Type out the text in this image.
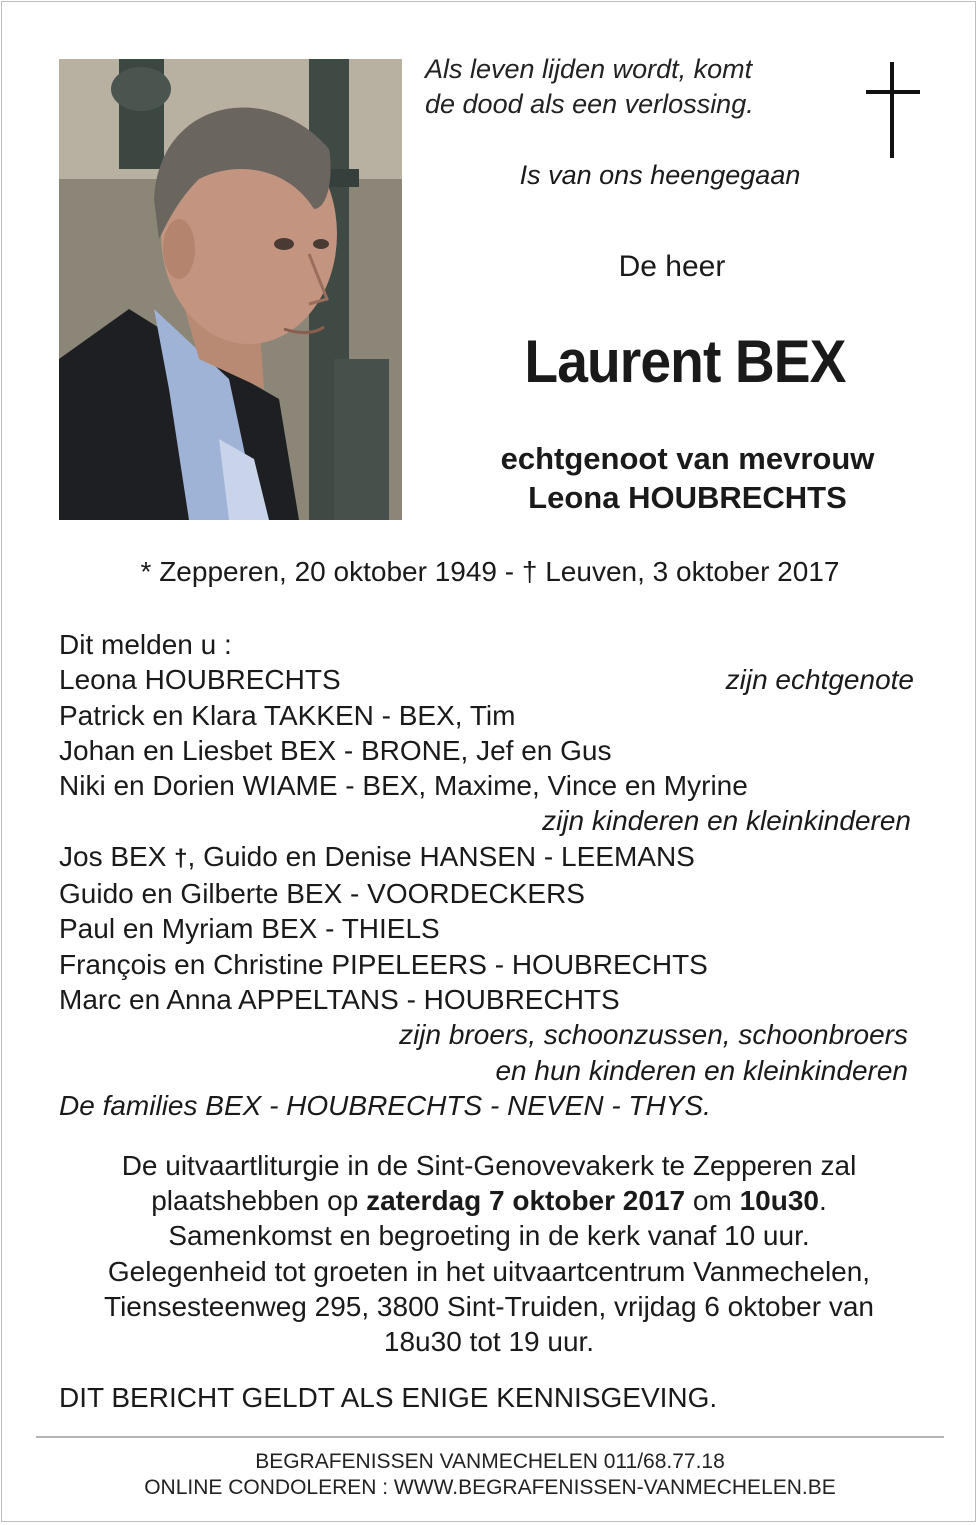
Als leven lijden wordt, komt
de dood als een verlossing.
Is van ons heengegaan
De heer
Laurent BEX
echtgenoot van mevrouw
Leona HOUBRECHTS
* Zepperen, 20 oktober 1949 - † Leuven, 3 oktober 2017
Dit melden u :
Leona HOUBRECHTS	zijn echtgenote
Patrick en Klara TAKKEN - BEX, Tim
Johan en Liesbet BEX - BRONE, Jef en Gus
Niki en Dorien WIAME - BEX, Maxime, Vince en Myrine
zijn kinderen en kleinkinderen
Jos BEX †, Guido en Denise HANSEN - LEEMANS
Guido en Gilberte BEX - VOORDECKERS
Paul en Myriam BEX - THIELS
François en Christine PIPELEERS - HOUBRECHTS
Marc en Anna APPELTANS - HOUBRECHTS
zijn broers, schoonzussen, schoonbroers
en hun kinderen en kleinkinderen
De families BEX - HOUBRECHTS - NEVEN - THYS.
De uitvaartliturgie in de Sint-Genovevakerk te Zepperen zal
plaatshebben op zaterdag 7 oktober 2017 om 10u30.
Samenkomst en begroeting in de kerk vanaf 10 uur.
Gelegenheid tot groeten in het uitvaartcentrum Vanmechelen,
Tiensesteenweg 295, 3800 Sint-Truiden, vrijdag 6 oktober van
18u30 tot 19 uur.
DIT BERICHT GELDT ALS ENIGE KENNISGEVING.
BEGRAFENISSEN VANMECHELEN 011/68.77.18
ONLINE CONDOLEREN : WWW.BEGRAFENISSEN-VANMECHELEN.BE
